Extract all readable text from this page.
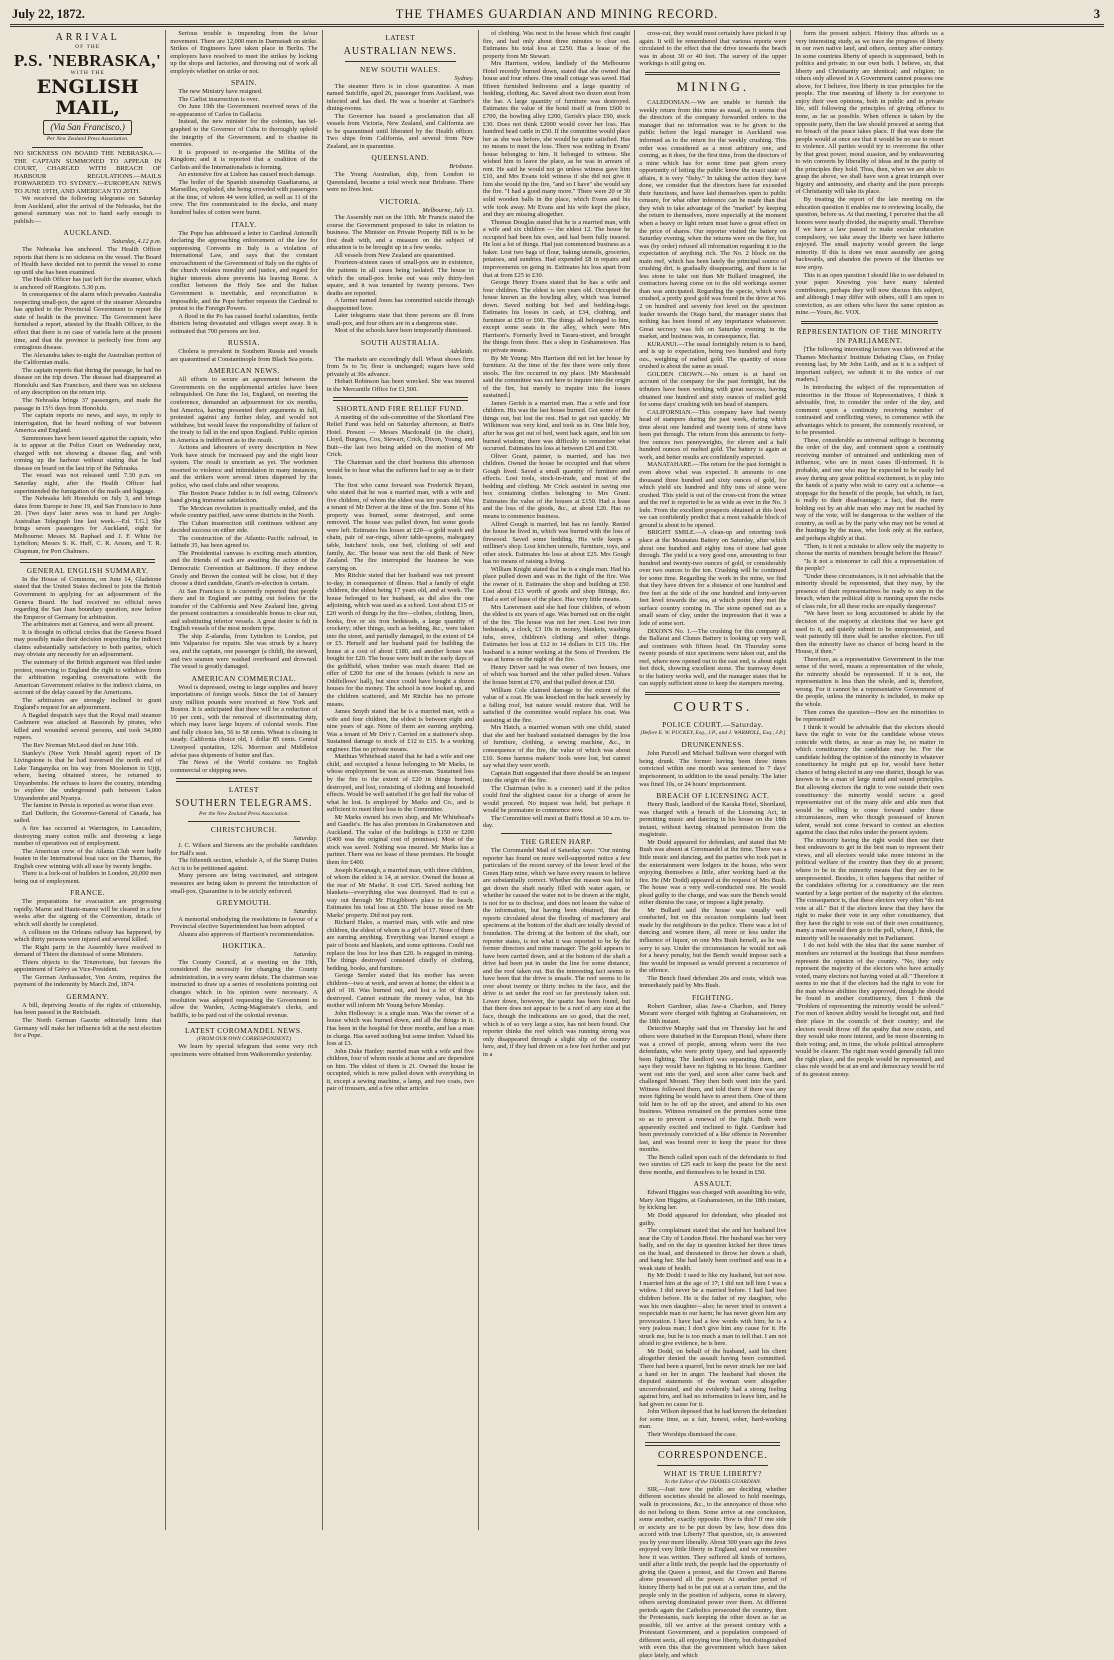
July 22, 1872.	THE THAMES GUARDIAN AND MINING RECORD.	3
ARRIVAL
OF THE
P.S. 'NEBRASKA,'
WITH THE
ENGLISH MAIL,
(Via San Francisco.)
Per New Zealand Press Association.

NO SICKNESS ON BOARD THE NEBRASKA.—THE CAPTAIN SUMMONED TO APPEAR IN COURT, CHARGED WITH BREACH OF HARBOUR REGULATIONS.—MAILS FORWARDED TO SYDNEY.—EUROPEAN NEWS TO JUNE 19TH, AND AMERICAN TO 20TH.

We received the following telegrams on Saturday from Auckland, after the arrival of the Nebraska, but the general summary was not to hand early enough to publish:—

AUCKLAND.

Saturday, 4.12 p.m.

The Nebraska has anchored. The Health Officer reports that there is no sickness on the vessel. The Board of Health have decided not to permit the vessel to come up until she has been examined.

The Health Officer has just left for the steamer, which is anchored off Rangitoto. 5.30 p.m.

In consequence of the alarm which prevades Australia respecting small-pox, the agent of the steamer Alexandra has applied to the Provincial Government to report the state of health in the province. The Government have furnished a report, attested by the Health Officer, to the effect that there is no case of variola here at the present time, and that the province is perfectly free from any contagious disease.

The Alexandra takes to-night the Australian portion of the Californian mails.

The captain reports that during the passage, he had no disease on the trip down. The disease had disappeared at Honolulu and San Francisco, and there was no sickness of any description on the return trip.

The Nebraska brings 37 passengers, and made the passage in 15½ days from Honolulu.

The captain reports no news, and says, in reply to interrogation, that he heard nothing of war between America and England.

Summonses have been issued against the captain, who is to appear at the Police Court on Wednesday next, charged with not showing a disease flag, and with coming up the harbour without stating that he had disease on board on the last trip of the Nebraska.

The vessel was not released until 7.30 p.m. on Saturday night, after the Health Officer had superintended the fumigation of the mails and luggage.

The Nebraska left Honolulu on July 3, and brings dates from Europe to June 19, and San Francisco to June 20. [Two days' later news was to hand per Anglo-Australian Telegraph line last week.—Ed. T.G.] She brings seven passengers for Auckland, eight for Melbourne: Messrs M. Raphael and J. F. White for Lyttelton; Messrs S. K. Huff, C. R. Arsom, and T. R. Chapman, for Port Chalmers.

GENERAL ENGLISH SUMMARY.

In the House of Commons, on June 14, Gladstone stated that the United States declined to join the British Government in applying for an adjournment of the Geneva Board. He had received no official news regarding the San Juan boundary question, now before the Emperor of Germany for arbitration.

The arbitrators met at Geneva, and were all present.

It is thought in official circles that the Geneva Board may possibly make their decision respecting the indirect claims substantially satisfactory to both parties, which may obviate any necessity for an adjournment.

The summary of the British argument was filed under protest, reserving to England the right to withdraw from the arbitration regarding conversations with the American Government relative to the indirect claims, on account of the delay caused by the Americans.

The arbitrators are strongly inclined to grant England's request for an adjournment.

A Bagdad despatch says that the Royal mail steamer Cashmere was attacked at Bassorah by pirates, who killed and wounded several persons, and took 34,000 rupees.

The Rev Norman McLeod died on June 16th.

Stanley's (New York Herald agent) report of Dr Livingstone is that he had traversed the north end of Lake Tanganyika on his way from Moolemon to Ujiji, where, having obtained stores, he returned to Unyanbembe. He refuses to leave the country, intending to explore the underground path between Lakes Unyandembe and Nyanya.

The famine in Persia is reported as worse than ever.

Earl Dufferin, the Governor-General of Canada, has sailed.

A fire has occurred at Warrington, in Lancashire, destroying many cotton mills and throwing a large number of operatives out of employment.

The American crew of the Atlanta Club were badly beaten in the International boat race on the Thames, the English crew winning with all ease by twenty lengths.

There is a lock-out of builders in London, 20,000 men being out of employment.

FRANCE.

The preparations for evacuation are progressing rapidly. Marne and Haute-marne will be cleared in a few weeks after the signing of the Convention, details of which will shortly be completed.

A collision on the Orleans railway has happened, by which thirty persons were injured and several killed.

The Right party in the Assembly have resolved to demand of Thiers the dismissal of some Ministers.

Thiers objects to the Triumvirate, but favours the appointment of Grévy as Vice-President.

The German Ambassador, Von Arnim, requires the payment of the indemnity by March 2nd, 1874.

GERMANY.

A bill, depriving Jesuits of the rights of citizenship, has been passed in the Reichstadt.

The North German Gazette editorially hints that Germany will make her influence felt at the next election for a Pope.

Serious trouble is impending from the la'our movement. There are 12,000 men in Darmstadt on strike. Strikes of Engineers have taken place in Berlin. The employers have resolved to meet the strikes by locking up the shops and factories, and throwing out of work all employés whether on strike or not.

SPAIN.

The new Ministry have resigned.

The Carlist insurrection is over.

On June 19th the Government received news of the re-appearance of Carlos in Gallacia.

Instead, the new minister for the colonies, has tel-graphed to the Governor of Cuba to thoroughly uphold the integrity of the Government, and to chastise its enemies.

It is proposed to re-organise the Militia of the Kingdom; and it is reported that a coalition of the Carlists and the Internationalists is forming.

An extensive fire at Lisbon has caused much damage.

The boiler of the Spanish steamship Guadiarama, at Marseilles, exploded, she being crowded with passengers at the time, of whom 44 were killed, as well as 11 of the crew. The fire communicated to the docks, and many hundred bales of cotton were burnt.

ITALY.

The Pope has addressed a letter to Cardinal Antonelli declaring the approaching enforcement of the law for suppressing Convents in Italy is a violation of International Law, and says that the constant encroachment of the Government of Italy on the rights of the church violates morality and justice, and regard for higher interests alone prevents his leaving Rome. A conflict between the Holy See and the Italian Government is inevitable, and reconciliation is impossible, and the Pope further requests the Cardinal to protest to the Foreign Powers.

A flood in the Po has caused fearful calamities, fertile districts being devastated and villages swept away. It is estimated that 700 persons are lost.

RUSSIA.

Cholera is prevalent in Southern Russia and vessels are quarantined at Constantinople from Black Sea ports.

AMERICAN NEWS.

All efforts to secure an agreement between the Governments on the supplemental articles have been relinquished. On June the 1st, England, on meeting the conference, demanded an adjournment for six months, but America, having presented their arguments in full, protested against any further delay, and would not withdraw, but would leave the responsibility of failure of the treaty to fall in the end upon England. Public opinion in America is indifferent as to the result.

Actions and labourers of every description in New York have struck for increased pay and the eight hour system. The result is uncertain as yet. The workmen resorted to violence and intimidation in many instances, and the strikers were several times dispersed by the police, who used clubs and other weapons.

The Boston Peace Jubilee is in full swing, Gilmore's band giving immense satisfaction.

The Mexican revolution is practically ended, and the whole country pacified, save some districts in the North.

The Cuban insurrection still continues without any decided success on either side.

The construction of the Atlantic-Pacific railroad, in latitude 35, has been agreed to.

The Presidential canvass is exciting much attention, and the friends of each are awaiting the action of the Democratic Convention at Baltimore. If they endorse Greely and Brown the contest will be close, but if they choose a third candidate, Grant's re-election is certain.

At San Francisco it is currently reported that people there and in England are putting out feelers for the transfer of the California and New Zealand line, giving the present contractors a considerable bonus to clear out, and substituting inferior vessels. A great desire is felt in English vessels of the most modern type.

The ship Z-alandia, from Lyttelton to London, put into Valparaiso for repairs. She was struck by a heavy sea, and the captain, one passenger (a child), the steward, and two seamen were washed overboard and drowned. The vessel is greatly damaged.

AMERICAN COMMERCIAL.

Wool is depressed, owing to large supplies and heavy importations of foreign wools. Since the 1st of January sixty million pounds were received at New York and Boston. It is anticipated that there will be a reduction of 10 per cent., with the removal of discriminating duty, which may leave large buyers of colonial wools. Fine and fully choice lots, 56 to 58 cents. Wheat is closing in steady. California choice old, 1 dollar 85 cents. Central Liverpool quotation, 12¾. Morrison and Middleton advise pass shipments of butter and flax.

The News of the World contains no English commercial or shipping news.

LATEST
SOUTHERN TELEGRAMS.
Per the New Zealand Press Association.
CHRISTCHURCH.

Saturday.

J. C. Wilson and Stevens are the probable candidates for Hall's seat.

The fifteenth section, schedule A, of the Stamp Duties Act is to be petitioned against.

Many persons are being vaccinated, and stringent measures are being taken to prevent the introduction of small-pox. Quarantine is to be strictly enforced.

GREYMOUTH.

Saturday.

A memorial embodying the resolutions in favour of a Provincial elective Superintendent has been adopted.

Ahaura also approves of Harrison's recommendation.

HOKITIKA.

Saturday.

The County Council, at a meeting on the 19th, considered the necessity for changing the County administration, in a very warm debate. The chairman was instructed to draw up a series of resolutions pointing out changes which in his opinion were necessary. A resolution was adopted requesting the Government to allow the Warden, Acting-Magistrate's clerks, and bailiffs, to be paid out of the colonial revenue.

LATEST COROMANDEL NEWS.
(FROM OUR OWN CORRESPONDENT.)

We learn by special telegram that some very rich specimens were obtained from Waikoromiko yesterday.

LATEST
AUSTRALIAN NEWS.
NEW SOUTH WALES.

Sydney.

The steamer Hero is in close quarantine. A man named Sutcliffe, aged 26, passenger from Auckland, was infected and has died. He was a boarder at Gardner's dining-rooms.

The Governor has issued a proclamation that all vessels from Victoria, New Zealand, and California are to be quarantined until liberated by the Health officer. Two ships from California, and several from New Zealand, are in quarantine.

QUEENSLAND.

Brisbane.

The Young Australian, ship, from London to Queensland, became a total wreck near Brisbane. There were no lives lost.

VICTORIA.

Melbourne, July 13.

The Assembly met on the 10th. Mr Francis stated the course the Government proposed to take in relation to business. The Minister on Private Property Bill is to be first dealt with, and a measure on the subject of education is to be brought up in a few weeks.

All vessels from New Zealand are quarantined.

Fourteen-sixteen cases of small-pox are in existence, the patients in all cases being isolated. The house in which the small-pox broke out was only thirty-feet square, and it was tenanted by twenty persons. Two deaths are reported.

A farmer named Jones has committed suicide through disappointed love.

Later telegrams state that three persons are ill from small-pox, and four others are in a dangerous state.

Most of the schools have been temporarily dismissed.

SOUTH AUSTRALIA.

Adelaide.

The markets are exceedingly dull. Wheat shows firm from 5s to 5s; flour is unchanged; sugars have sold privately at 30s advance.

Hobart Robinson has been wrecked. She was insured in the Mercantile Office for £1,500.

SHORTLAND FIRE RELIEF FUND.

A meeting of the sub-committee of the Shortland Fire Relief Fund was held on Saturday afternoon, at Butt's Hotel. Present — Messrs Macdonald (in the chair), Lloyd, Burgess, Cox, Stewart, Crick, Dixon, Young, and Butt—the last two being added on the motion of Mr Crick.

The Chairman said the chief business this afternoon would be to hear what the sufferers had to say as to their losses.

The first who came forward was Frederick Bryant, who stated that he was a married man, with a wife and five children, of whom the eldest was ten years old. Was a tenant of Mr Driver at the time of the fire. Some of his property was burned, some destroyed, and some removed. The house was pulled down, but some goods were left. Estimates his losses at £20—a gold watch and chain, pair of ear-rings, silver table-spoons, mahogany table, butchers' tools, one bed, clothing of self and family, &c. The house was next the old Bank of New Zealand. The fire interrupted the business he was carrying on.

Mrs Ritchie stated that her husband was not present to-day, in consequence of illness. Had a family of eight children, the eldest being 17 years old, and at work. The house belonged to her husband, as did also the one adjoining, which was used as a school. Lost about £15 or £20 worth of things by the fire—clothes, clothing, linen, books, five or six iron bedsteads, a large quantity of crockery; other things, such as bedding, &c., were taken into the street, and partially damaged, to the extent of £4 or £5. Herself and her husband paid for building the house at a cost of about £180, and another house was bought for £20. The house were built in the early days of the goldfield, when timber was much dearer. Had an offer of £200 for one of the houses (which is now an Oddfellows' hall), but since could have bought a dozen houses for the money. The school is now looked up, and the children scattered, and Mr Ritchie has no private means.

James Smyth stated that he is a married man, with a wife and four children, the eldest is between eight and nine years of age. None of them are earning anything. Was a tenant of Mr Driv r. Carried on a stationer's shop. Sustained damage to stock of £12 to £15. Is a working engineer. Has no private means.

Matthias Whitehead stated that he had a wife and one child, and occupied a house belonging to Mr Marks, in whose employment he was as store-man. Sustained loss by the fire to the extent of £20 in things burned, destroyed, and lost, consisting of clothing and household effects. Would be well satisfied if he got half the value of what he lost. Is employed by Marks and Co., and is sufficient to meet their loss to the Committee.

Mr Marks owned his own shop, and Mr Whitehead's and Gaudie's. He has also premises in Grahamstown and Auckland. The value of the buildings is £150 or £200 (£400 was the original cost of premises). Most of the stock was saved. Nothing was insured. Mr Marks has a partner. There was no lease of these premises. He bought them for £400.

Joseph Kavanagh, a married man, with three children, of whom the eldest is 14, at service. Owned the house at the rear of Mr Marks'. It cost £35. Saved nothing but blankets—everything else was destroyed. Had to cut a way out through Mr Fitzgibbon's place to the beach. Estimates his total loss at £50. The house stood on Mr Marks' property. Did not pay rent.

Richard Hales, a married man, with wife and nine children, the eldest of whom is a girl of 17. None of them are earning anything. Everything was burned except a pair of boots and blankets, and some spittoons. Could not replace the loss for less than £20. Is engaged in mining. The things destroyed consisted chiefly of clothing, bedding, books, and furniture.

George Semler stated that his mother has seven children—two at work, and seven at home; the eldest is a girl of 18. Was burned out, and lost a lot of things destroyed. Cannot estimate the money value, but his mother will inform Mr Young before Monday.

John Holloway: is a single man. Was the owner of a house which was burned down, and all the things in it. Has been in the hospital for three months, and has a man in charge. Has saved nothing but some timber. Valued his loss at £3.

John Duke Hanley: married man with a wife and five children, four of whom reside at home and are dependent on him. The eldest of them is 21. Owned the house he occupied, which is now pulled down with everything in it, except a sewing machine, a lamp, and two coats, two pair of trousers, and a few other articles

of clothing. Was next to the house which first caught fire, and had only about three minutes to clear out. Estimates his total loss at £250. Has a lease of the property from Mr Stewart.

Mrs Harrison, widow, landlady of the Melbourne Hotel recently burned down, stated that she owned that house and four others. One small cottage was saved. Had fifteen furnished bedrooms and a large quantity of bedding, clothing, &c. Saved about two dozen stout from the bar. A large quantity of furniture was destroyed. Estimates the value of the hotel itself at from £600 to £700, the bowling alley £200, Gerish's place £90, stock £30. Does not think £2000 would cover her loss. Has hundred head cattle in £50. If the committee would place her as she was before, she would be quite satisfied. Has no means to meet the loss. There was nothing in Evans' house belonging to him. It belonged to witness. She wished him to leave the place, as he was in arrears of rent. He said he would not go unless witness gave him £10, and Mrs Evans told witness if she did not give it him she would tip the fire, "and so I have" she would say the fire. "I had a good many more." There were 20 or 30 solid wooden balls in the place, which Evans and his wife took away. Mr Evans and his wife kept the place, and they are missing altogether.

Thomas Douglas stated that he is a married man, with a wife and six children — the eldest 12. The house he occupied had been his own, and had been fully insured. He lost a lot of things. Had just commenced business as a baker. Lost two bags of flour, baking utensils, groceries, potatoes, and sundries. Had expended £8 in repairs and improvements on going in. Estimates his loss apart from that at from £25 to £30.

George Henry Evans stated that he has a wife and four children. The eldest is ten years old. Occupied the house known as the bowling alley, which was burned down. Saved nothing but bed and bedding-bags. Estimates his losses in cash, at £34, clothing, and furniture at £50 or £60. The things all belonged to him, except some seats in the alley, which were Mrs Harrison's. Formerly lived in Tararu-street, and brought the things from there. Has a shop in Grahamstown. Has no private means.

By Mr Young: Mrs Harrison did not let her house by furniture. At the time of the fire there were only three stools. The fire occurred in my place. [Mr Macdonald said the committee was not here to inquire into the origin of the fire, but merely to inquire into the losses sustained.]

James Gerish is a married man. Has a wife and four children. His was the last house burned. Got some of the things out, but lost the rest. Had to get out quickly. Mr Wilkinson was very kind, and took us in. One little boy, after he was got out of bed, went back again, and his son burned wisdom; there was difficulty to remember what occurred. Estimates his loss at between £20 and £30.

Oliver Grant, painter, is married, and has two children. Owned the house he occupied and that where Gough lived. Saved a small quantity of furniture and effects. Lost tools, stock-in-trade, and most of the bedding and clothing. Mr Crick assisted in saving one box containing clothes belonging to Mrs Grant. Estimates the value of the houses at £150. Had a lease and the loss of the goods, &c., at about £20. Has no means to commence business.

Alfred Gough is married, but has no family. Rented the house he lived in, which was burned with the loss of firewood. Saved some bedding. His wife keeps a milliner's shop. Lost kitchen utensils, furniture, toys, and other stock. Estimates his loss at about £25. Mrs Gough has no means of raising a living.

William Knight stated that he is a single man. Had his place pulled down and was in the fight of the fire. Was the owner of it. Estimates the shop and building at £50. Lost about £13 worth of goods and shop fittings, &c. Had a sort of lease of the place. Has very little means.

Mrs Lawrensen said she had four children, of whom the eldest is six years of age. Was burned out on the night of the fire. The house was not her own. Lost two iron bedsteads, a clock, £3 10s in money, blankets, washing tubs, stove, children's clothing and other things. Estimates her loss at £12 to 14 dollars to £15 10s. Her husband is a miner working at the Sons of Freedom. He was at home on the night of the fire.

Henry Driver said he was owner of two houses, one of which was burned and the other pulled down. Values the house burnt at £70, and that pulled down at £50.

William Cole claimed damage to the extent of the value of a coat. He was knocked on the back severely by a falling roof, but nature would restore that. Will be satisfied if the committee would replace his coat. Was assisting at the fire.

Mrs Hatch, a married woman with one child, stated that she and her husband sustained damages by the loss of furniture, clothing, a sewing machine, &c., in consequence of the fire, the value of which was about £10. Some harness makers' tools were lost, but cannot say what they were worth.

Captain Butt suggested that there should be an inquest into the origin of the fire.

The Chairman (who is a coroner) said if the police could find the slightest cause for a charge of arson he would proceed. No inquest was held, but perhaps it would be premature to commence now.

The Committee will meet at Butt's Hotel at 10 a.m. to-day.

THE GREEN HARP.

The Coromandel Mail of Saturday says: "Our mining reporter has found on more well-supported notice a few particulars of the recent survey of the lower level of the Green Harp mine, which we have every reason to believe are substantially correct. Whether the reason was bid to get down the shaft nearly filled with water again, or whether he caused the water not to be drawn at the night, is not for us to disclose, and does not lessen the value of the information, but having been obtained, that the reports circulated about the flooding of machinery and specimens at the bottom of the shaft are totally devoid of foundation. The driving at the bottom of the shaft, our reporter states, is not what it was reported to be by the former directors and mine manager. The gold appears to have been carried down, and at the bottom of the shaft a drive had been put in under the line for some distance, and the roof taken out. But the interesting fact seems to have been that the drive is unsafe. The reef seems to lie over about twenty or thirty inches in the face, and the drive is set under the roof so far previously taken out. Lower down, however, the quartz has been found, but that there does not appear to be a reef of any size at the face, though the indications are so good, that the reef, which is of so very large a size, has not been found. Our reporter thinks the reef which was running strong was only disappeared through a slight slip of the country here, and, if they had driven on a few feet further and put in a

cross-cut, they would most certainly have picked it up again. It will be remembered that various reports were circulated to the effect that the drive towards the beach was in about 30 or 40 feet. The survey of the upper workings is still going on.

MINING.

CALEDONIAN.—We are unable to furnish the weekly return from this mine as usual, as it seems that the directors of the company forwarded orders to the manager that no information was to be given to the public before the legal manager in Auckland was informed as to the return for the weekly crushing. This order was considered as a most arbitrary one, and coming, as it does, for the first time, from the directors of a mine which has for some time past given every opportunity of letting the public know the exact state of affairs, it is very "fishy." In taking the action they have done, we consider that the directors have far exceeded their functions, and have laid themselves open to public censure, for what other inference can be made than that they wish to take advantage of the "market" by keeping the return to themselves, more especially at the moment when a heavy or light return must have a great effect on the price of shares. Our reporter visited the battery on Saturday evening, when the returns were on the fire, but was (by order) refused all information regarding it to the expectation of anything rich. The No. 2 block on the main reef, which has been lately the principal source of crushing dirt, is gradually disappearing, and there is far less stone to take out than Mr Bullard imagined, the contractors having come on to the old workings sooner than was anticipated. Regarding the specie, which were crushed, a pretty good gold was found in the drive at No. 2 on hundred and seventy feet level on the specimen leader towards the Otago band, the manager states that nothing has been found of any importance whatsoever. Great secrecy was felt on Saturday evening in the market, and business was, in consequence, flat.

KURANUI.—The usual fortnightly return is to hand, and is up to expectation, being two hundred and forty ozs., weighing of melted gold. The quantity of stone crushed is about the same as usual.

GOLDEN CROWN.—No return is at hand on account of the company for the past fortnight, but the tributers have been working with great success, having obtained one hundred and sixty ounces of melted gold for some days' crushing with ten head of stampers.

CALIFORNIAN.—This company have had twenty head of stampers during the past week, during which time about one hundred and twenty tons of stone have been put through. The return from this amounts to forty-five ounces two pennyweights, for eleven and a half hundred ounces of melted gold. The battery is again at work, and better results are confidently expected.

MANATAHARE.—The return for the past fortnight is even above what was expected. It amounts to one thousand three hundred and sixty ounces of gold, for which yield six hundred and fifty tons of stone were crushed. This yield is out of the cross-cut from the winze and the reef is reported to be as wide as ever in the No. 3 lode. From the excellent prospects obtained at this level we can confidently predict that a most valuable block of ground is about to be opened.

BRIGHT SMILE.—A clean-up and retorting took place at the Moanatau Battery on Saturday, after which about one hundred and eighty tons of stone had gone through. The yield is a very good one, amounting to four hundred and twenty-two ounces of gold, or considerably over two ounces to the ton. Crushing will be continued for some time. Regarding the work in the mine, we find that they have driven for a distance of one hundred and five feet at the side of the one hundred and forty-seven feet level towards the sea, at which point they met the surface country coming in. The stone opened out as a small seam of clay, under the impression that it was a lode of some sort.

DIXON'S No. 1.—The crushing for this company at the Ballarat and Clunes Battery is looking up very well, and continues with fifteen head. On Thursday some twenty pounds of nice specimens were taken out, and the reef, where now opened out to the east end, is about eight feet thick, showing excellent stone. The tramway down to the battery works well, and the manager states that he can supply sufficient stone to keep the stampers moving.

COURTS.
POLICE COURT.—Saturday.
[Before E. W. PUCKEY, Esq., J.P., and J. WARMOLL, Esq., J.P.]
DRUNKENNESS.

John Purcell and Michael Sullivan were charged with being drunk. The former having been three times convicted within one month was sentenced to 7 days' imprisonment, in addition to the usual penalty. The latter was fined 10s, or 24 hours' imprisonment.

BREACH OF LICENSING ACT.

Henry Bush, landlord of the Karaka Hotel, Shortland, was charged with a breach of the Licensing Act, in permitting music and dancing in his house on the 18th instant, without having obtained permission from the magistrate.

Mr Dodd appeared for defendant, and stated that Mr Bush was absent at Coromandel at the time. There was a little music and dancing, and the parties who took part in the entertainment were lodgers in the house, who were enjoying themselves a little, after working hard at the fire. He (Mr Dodd) appeared at the request of Mrs Bush. The house was a very well-conducted one. He would plead guilty to the charge, and was sure the Bench would either dismiss the case, or impose a light penalty.

Mr Bullard said the house was usually well conducted, but on this occasion complaints had been made by the neighbours to the police. There was a lot of dancing and women there, all more or less under the influence of liquor, on one Mrs Bush herself, as he was sorry to say. Under the circumstances he would not ask for a heavy penalty, but the Bench would impose such a fine would be imposed as would prevent a recurrence of the offence.

The Bench fined defendant 20s and costs, which was immediately paid by Mrs Bush.

FIGHTING.

Robert Gardiner, alias Jaw-a Charlton, and Henry Morant were charged with fighting at Grahamstown, on the 18th instant.

Detective Murphy said that on Thursday last he and others were disturbed in the European Hotel, where there was a crowd of people, among whom were the two defendants, who were pretty tipsey, and had apparently been fighting. The landlord was separating them, and says they would have no fighting in his house. Gardiner went out into the yard, and soon after came back and challenged Morant. They then both went into the yard. Witness followed them, and told them if there was any more fighting he would have to arrest them. One of them told him to be off up the street, and attend to his own business. Witness remained on the premises some time so as to prevent a renewal of the fight. Both were apparently excited and inclined to fight. Gardiner had been previously convicted of a like offence in November last, and was bound over to keep the peace for three months.

The Bench called upon each of the defendants to find two sureties of £25 each to keep the peace for the next three months, and themselves to be bound in £50.

ASSAULT.

Edward Higgins was charged with assaulting his wife, Mary Ann Higgins, at Grahamstown, on the 18th instant, by kicking her.

Mr Dodd appeared for defendant, who pleaded not guilty.

The complainant stated that she and her husband live near the City of London Hotel. Her husband was her very badly, and on the day in question kicked her three times on the head, and threatened to throw her down a shaft, and hang her. She had lately been confined and was in a weak state of health.

By Mr Dodd: I used to like my husband, but not now. I married him at the age of 17; I did not tell him I was a widow. I did never be a married before. I had had two children before. He is the father of my daughter, who was his own daughter—also; he never tried to convert a respectable man to our harm; he has never given him any provocation. I have had a few words with him; he is a very jealous man; I don't give him any cause for it. He struck me, but he is too much a man to tell that. I am not afraid to give evidence, he is here.

Mr Dodd, on behalf of the husband, said his client altogether denied the assault having been committed. There had been a quarrel, but he never struck her nor laid a hand on her in anger. The husband had shown the disputed statements of the woman were altogether uncorroborated, and she evidently had a strong feeling against him, and had no information to leave him, and he had given no cause for it.

John Wilson deposed that he had known the defendant for some time, as a fair, honest, sober, hard-working man.

Their Worships dismissed the case.

CORRESPONDENCE.
WHAT IS TRUE LIBERTY?
To the Editor of the THAMES GUARDIAN.

SIR,—Just now the public are deciding whether different societies should be allowed to hold meetings, walk in processions, &c., to the annoyance of those who do not belong to them. Some arrive at one conclusion, some another, exactly opposite. How is this? If one side or society are to be put down by law, how does this accord with true Liberty? That question, sir, is answered yea by your more liberally. About 300 years ago the Jews enjoyed very little liberty in England, and we remember how it was written. They suffered all kinds of tortures, until after a little truth, the people had the opportunity of giving the Queen a protest, and the Crown and Barons alone possessed all the power. At another period of history liberty had to be put out at a certain time, and the people only in the position of subjects, some in slavery, others serving dominated power over them. At different periods again the Catholics persecuted the country, then the Protestants, each keeping the other down as far as possible, till we arrive at the present century with a Protestant Government, and a population composed of different sects, all enjoying true liberty, but distinguished with even this that the government which have taken place lately, and which

form the present subject. History thus affords us a very interesting study, as we trace the progress of liberty in our own native land, and others, century after century. In some countries liberty of speech is suppressed, both in politics and private; in our own both. I believe, sir, that liberty and Christianity are identical; and religion; in others only allowed in A Government cannot possess one above, for I believe, free liberty in true principles for the people. The true meaning of liberty is for everyone to enjoy their own opinions, both in public and in private life, still following the principles of giving offence to none, as far as possible. When offence is taken by the opposite party, then the law should proceed at seeing that no breach of the peace takes place. If that was done the people would at once see that it would be no use to resort to violence. All parties would try to overcome the other by that great power, moral suasion, and by endeavouring to win converts by liberality of ideas and in the purity of the principles they hold. Thus, then, when we are able to grasp the above, we shall have won a great triumph over bigotry and animosity, and charity and the pure precepts of Christianity will take its place.

By treating the report of the late meeting on the education question it enables me to reviewing locally, the question, before us. At that meeting, I perceive that the all honors were nearly divided, the majority small. Therefore if we have a law passed to make secular education compulsory, we take away the liberty we have hitherto enjoyed. The small majority would govern the large minority. If this is done we must assuredly are going backwards, and abandon the powers of the liberties we now enjoy.

This is an open question I should like to see debated in your paper. Knowing you have many talented contributors, perhaps they will now discuss this subject, and although I may differ with others, still I am open to conviction, as are others who have the same opinion as mine.—Yours, &c. VOX.

REPRESENTATION OF THE MINORITY IN PARLIAMENT.

[The following interesting lecture was delivered at the Thames Mechanics' Institute Debating Class, on Friday evening last, by Mr John Leith, and as it is a subject of important subject, we submit it to the notice of our readers.]

In introducing the subject of the representation of minorities in the House of Representatives, I think it advisable, first, to consider the order of the day, and comment upon a continuity receiving number of contrasted and conflicting views, to commence with the advantages which to present, the commonly received, or to be presented.

These, considerable as universal suffrage is becoming the order of the day, and comment upon a continuity receiving number of untrained and unthinking men of influence, who are in most cases ill-informed. It is probable, and one who may be expected to be easily led away during any great political excitement, is to play into the hands of a party who wish to carry out a scheme—a stoppage for the benefit of the people, but which, in fact, is really to their disadvantage; a fact, that the mere holding out by an able man who may not be reached by way of the vote, will be dangerous to the welfare of the country, as well as by the party who may not be voted at the hustings by the mass, who look only at the surface, and perhaps slightly at that.

"Then, is it not a mistake to allow only the majority to choose the merits of members brought before the House?

"Is it not a misnomer to call this a representation of the people?

"Under these circumstances, is it not advisable that the minority should be represented, that they may, by the presence of their representatives be ready to step in the breach, when the political ship is running upon the rocks of class rule, for all these rocks are equally dangerous?

"We have been so long accustomed to abide by the decision of the majority at elections that we have got used to it, and quietly submit to be unrepresented, and wait patiently till there shall be another election. For till then the minority have no chance of being heard in the House, if then."

Therefore, as a representative Government in the true sense of the word, means a representation of the whole, the minority should be represented. If it is not, the representation is less than the whole, and is, therefore, wrong. For it cannot be a representative Government of the people, unless the minority is included, to make up the whole.

Then comes the question—How are the minorities to be represented?

I think it would be advisable that the electors should have the right to vote for the candidate whose views coincide with theirs, as near as may be, no matter in which constituency the candidate may be. For the candidate holding the opinion of the minority in whatever constituency he might put up for, would have better chance of being elected in any one district, though he was known to be a man of large mind and sound principles. But allowing electors the right to vote outside their own constituency the minority would secure a good representative out of the many able and able men that would be willing to come forward under these circumstances, men who though possessed of known talent, would not come forward to contest an election against the class that rules under the present system.

The minority having the right would then use their best endeavours to get in the best man to represent their views, and all electors would take more interest in the political welfare of the country than they do at present; where to be in the minority means that they are to be unrepresented. Besides, it often happens that neither of the candidates offering for a constituency are the men wanted by a large portion of the majority of the electors. The consequence is, that these electors very often "do not vote at all." But if the electors knew that they have the right to make their vote in any other constituency, that they have the right to vote out of their own constituency, many a man would then go to the poll, where, I think, the minority will be reasonably met in Parliament.

I do not hold with the idea that the same number of members are returned at the hustings that these members represent the opinion of the country. "No, they only represent the majority of the electors who have actually voted, many electors not having voted at all." Therefore it seems to me that if the electors had the right to vote for the man whose abilities they approved, though he should be found in another constituency, then I think the "Problem of representing the minority would be solved." For men of known ability would be brought out, and find their place in the councils of their country; and the electors would throw off the apathy that now exists, and they would take more interest, and be more discerning in their voting; and, in time, the whole political atmosphere would be clearer. The right man would generally fall into the right place, and the people would be represented, and class rule would be at an end and democracy would be rid of its greatest enemy.
